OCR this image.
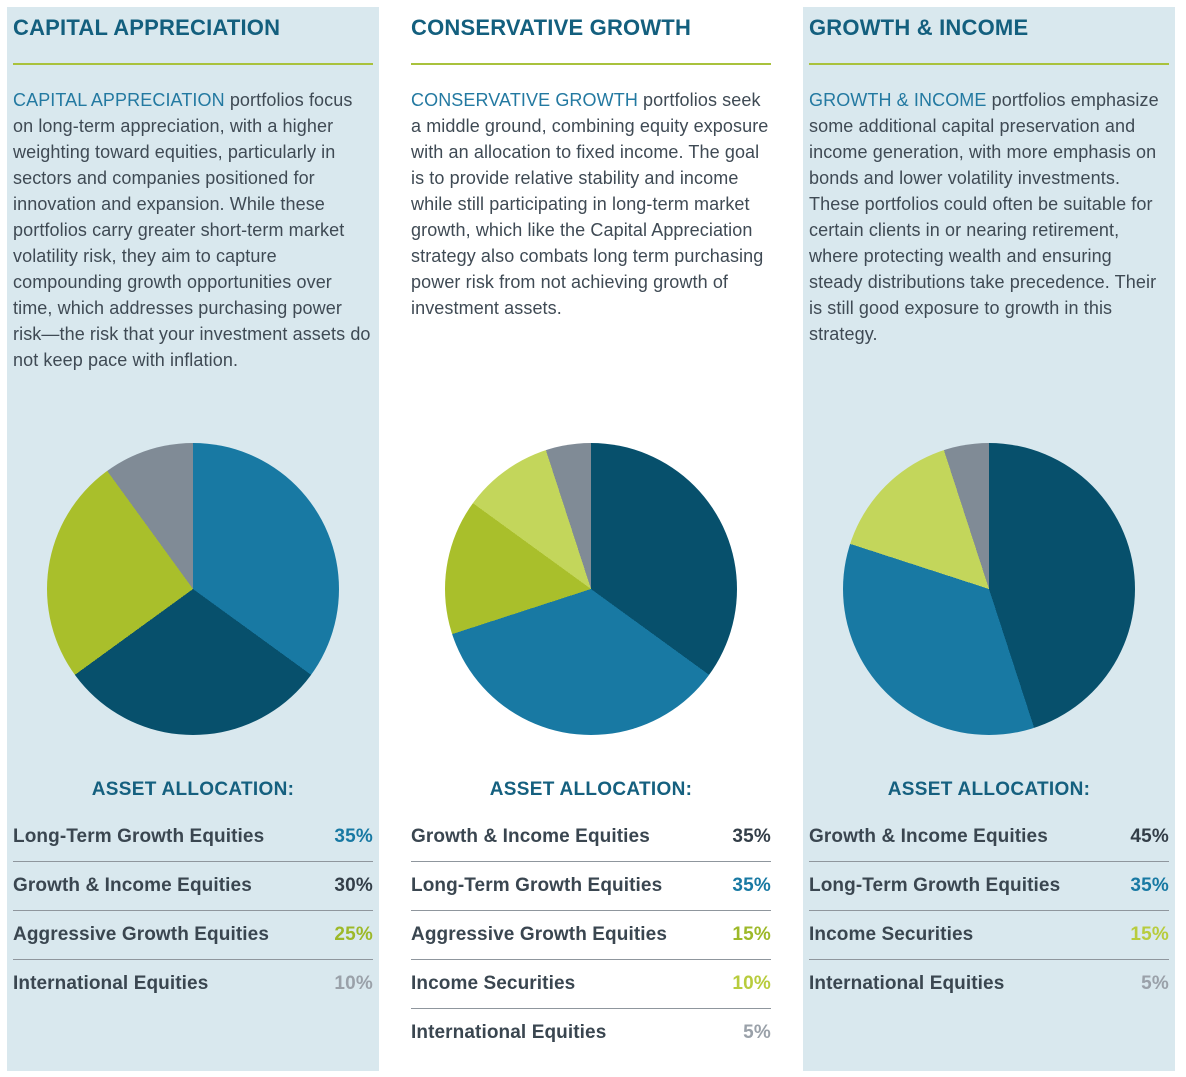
CAPITAL APPRECIATION

CAPITAL APPRECIATION portfolios focus on long-term appreciation, with a higher weighting toward equities, particularly in sectors and companies positioned for innovation and expansion. While these portfolios carry greater short-term market volatility risk, they aim to capture compounding growth opportunities over time, which addresses purchasing power risk—the risk that your investment assets do not keep pace with inflation.

ASSET ALLOCATION:
Long-Term Growth Equities	35%
Growth & Income Equities	30%
Aggressive Growth Equities	25%
International Equities	10%
CONSERVATIVE GROWTH

CONSERVATIVE GROWTH portfolios seek a middle ground, combining equity exposure with an allocation to fixed income. The goal is to provide relative stability and income while still participating in long-term market growth, which like the Capital Appreciation strategy also combats long term purchasing power risk from not achieving growth of investment assets.

ASSET ALLOCATION:
Growth & Income Equities	35%
Long-Term Growth Equities	35%
Aggressive Growth Equities	15%
Income Securities	10%
International Equities	5%
GROWTH & INCOME

GROWTH & INCOME portfolios emphasize some additional capital preservation and income generation, with more emphasis on bonds and lower volatility investments. These portfolios could often be suitable for certain clients in or nearing retirement, where protecting wealth and ensuring steady distributions take precedence. Their is still good exposure to growth in this strategy.

ASSET ALLOCATION:
Growth & Income Equities	45%
Long-Term Growth Equities	35%
Income Securities	15%
International Equities	5%
